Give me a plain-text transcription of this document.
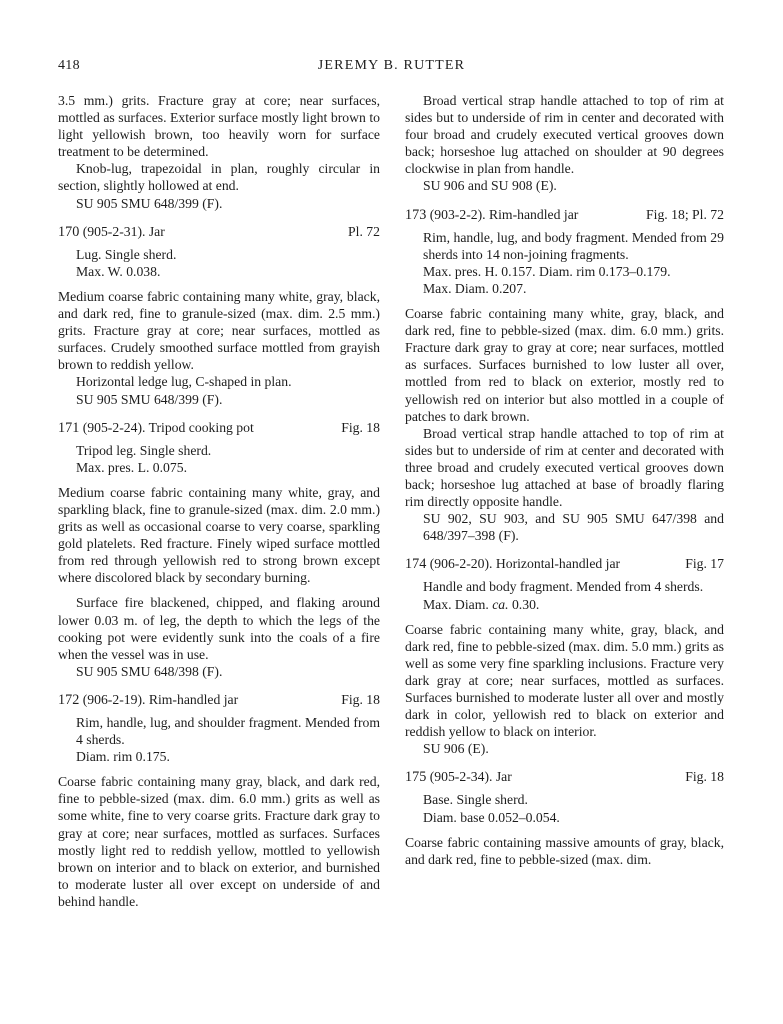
418	JEREMY B. RUTTER

3.5 mm.) grits. Fracture gray at core; near surfaces, mottled as surfaces. Exterior surface mostly light brown to light yellowish brown, too heavily worn for surface treatment to be determined.

Knob-lug, trapezoidal in plan, roughly circular in section, slightly hollowed at end.

SU 905 SMU 648/399 (F).

170 (905-2-31). Jar	Pl. 72

Lug. Single sherd.

Max. W. 0.038.

Medium coarse fabric containing many white, gray, black, and dark red, fine to granule-sized (max. dim. 2.5 mm.) grits. Fracture gray at core; near surfaces, mottled as surfaces. Crudely smoothed surface mottled from grayish brown to reddish yellow.

Horizontal ledge lug, C-shaped in plan.

SU 905 SMU 648/399 (F).

171 (905-2-24). Tripod cooking pot	Fig. 18

Tripod leg. Single sherd.

Max. pres. L. 0.075.

Medium coarse fabric containing many white, gray, and sparkling black, fine to granule-sized (max. dim. 2.0 mm.) grits as well as occasional coarse to very coarse, sparkling gold platelets. Red fracture. Finely wiped surface mottled from red through yellowish red to strong brown except where discolored black by secondary burning.

Surface fire blackened, chipped, and flaking around lower 0.03 m. of leg, the depth to which the legs of the cooking pot were evidently sunk into the coals of a fire when the vessel was in use.

SU 905 SMU 648/398 (F).

172 (906-2-19). Rim-handled jar	Fig. 18

Rim, handle, lug, and shoulder fragment. Mended from 4 sherds.

Diam. rim 0.175.

Coarse fabric containing many gray, black, and dark red, fine to pebble-sized (max. dim. 6.0 mm.) grits as well as some white, fine to very coarse grits. Fracture dark gray to gray at core; near surfaces, mottled as surfaces. Surfaces mostly light red to reddish yellow, mottled to yellowish brown on interior and to black on exterior, and burnished to moderate luster all over except on underside of and behind handle.

Broad vertical strap handle attached to top of rim at sides but to underside of rim in center and decorated with four broad and crudely executed vertical grooves down back; horseshoe lug attached on shoulder at 90 degrees clockwise in plan from handle.

SU 906 and SU 908 (E).

173 (903-2-2). Rim-handled jar	Fig. 18; Pl. 72

Rim, handle, lug, and body fragment. Mended from 29 sherds into 14 non-joining fragments.

Max. pres. H. 0.157. Diam. rim 0.173–0.179.

Max. Diam. 0.207.

Coarse fabric containing many white, gray, black, and dark red, fine to pebble-sized (max. dim. 6.0 mm.) grits. Fracture dark gray to gray at core; near surfaces, mottled as surfaces. Surfaces burnished to low luster all over, mottled from red to black on exterior, mostly red to yellowish red on interior but also mottled in a couple of patches to dark brown.

Broad vertical strap handle attached to top of rim at sides but to underside of rim at center and decorated with three broad and crudely executed vertical grooves down back; horseshoe lug attached at base of broadly flaring rim directly opposite handle.

SU 902, SU 903, and SU 905 SMU 647/398 and 648/397–398 (F).

174 (906-2-20). Horizontal-handled jar	Fig. 17

Handle and body fragment. Mended from 4 sherds.

Max. Diam. ca. 0.30.

Coarse fabric containing many white, gray, black, and dark red, fine to pebble-sized (max. dim. 5.0 mm.) grits as well as some very fine sparkling inclusions. Fracture very dark gray at core; near surfaces, mottled as surfaces. Surfaces burnished to moderate luster all over and mostly dark in color, yellowish red to black on exterior and reddish yellow to black on interior.

SU 906 (E).

175 (905-2-34). Jar	Fig. 18

Base. Single sherd.

Diam. base 0.052–0.054.

Coarse fabric containing massive amounts of gray, black, and dark red, fine to pebble-sized (max. dim.
